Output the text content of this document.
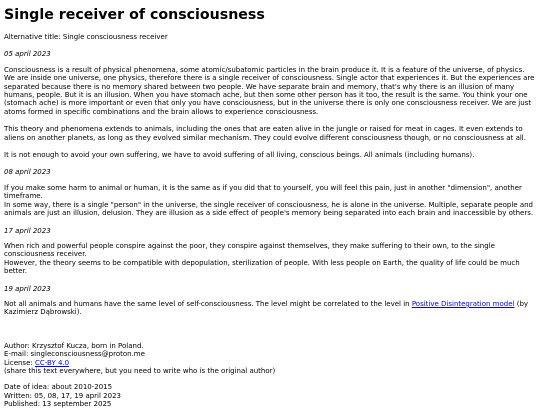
Single receiver of consciousness

Alternative title: Single consciousness receiver

05 april 2023

Consciousness is a result of physical phenomena, some atomic/subatomic particles in the brain produce it. It is a feature of the universe, of physics. We are inside one universe, one physics, therefore there is a single receiver of consciousness. Single actor that experiences it. But the experiences are separated because there is no memory shared between two people. We have separate brain and memory, that's why there is an illusion of many humans, people. But it is an illusion. When you have stomach ache, but then some other person has it too, the result is the same. You think your one (stomach ache) is more important or even that only you have consciousness, but in the universe there is only one consciousness receiver. We are just atoms formed in specific combinations and the brain allows to experience consciousness.

This theory and phenomena extends to animals, including the ones that are eaten alive in the jungle or raised for meat in cages. It even extends to aliens on another planets, as long as they evolved similar mechanism. They could evolve different consciousness though, or no consciousness at all.

It is not enough to avoid your own suffering, we have to avoid suffering of all living, conscious beings. All animals (including humans).

08 april 2023

If you make some harm to animal or human, it is the same as if you did that to yourself, you will feel this pain, just in another "dimension", another timeframe.
In some way, there is a single "person" in the universe, the single receiver of consciousness, he is alone in the universe. Multiple, separate people and animals are just an illusion, delusion. They are illusion as a side effect of people's memory being separated into each brain and inaccessible by others.

17 april 2023

When rich and powerful people conspire against the poor, they conspire against themselves, they make suffering to their own, to the single consciousness receiver.
However, the theory seems to be compatible with depopulation, sterilization of people. With less people on Earth, the quality of life could be much better.

19 april 2023

Not all animals and humans have the same level of self-consciousness. The level might be correlated to the level in Positive Disintegration model (by Kazimierz Dąbrowski).

Author: Krzysztof Kucza, born in Poland.

E-mail: singleconsciousness@proton.me

License: CC-BY 4.0

(share this text everywhere, but you need to write who is the original author)

Date of idea: about 2010-2015

Written: 05, 08, 17, 19 april 2023

Published: 13 september 2025
